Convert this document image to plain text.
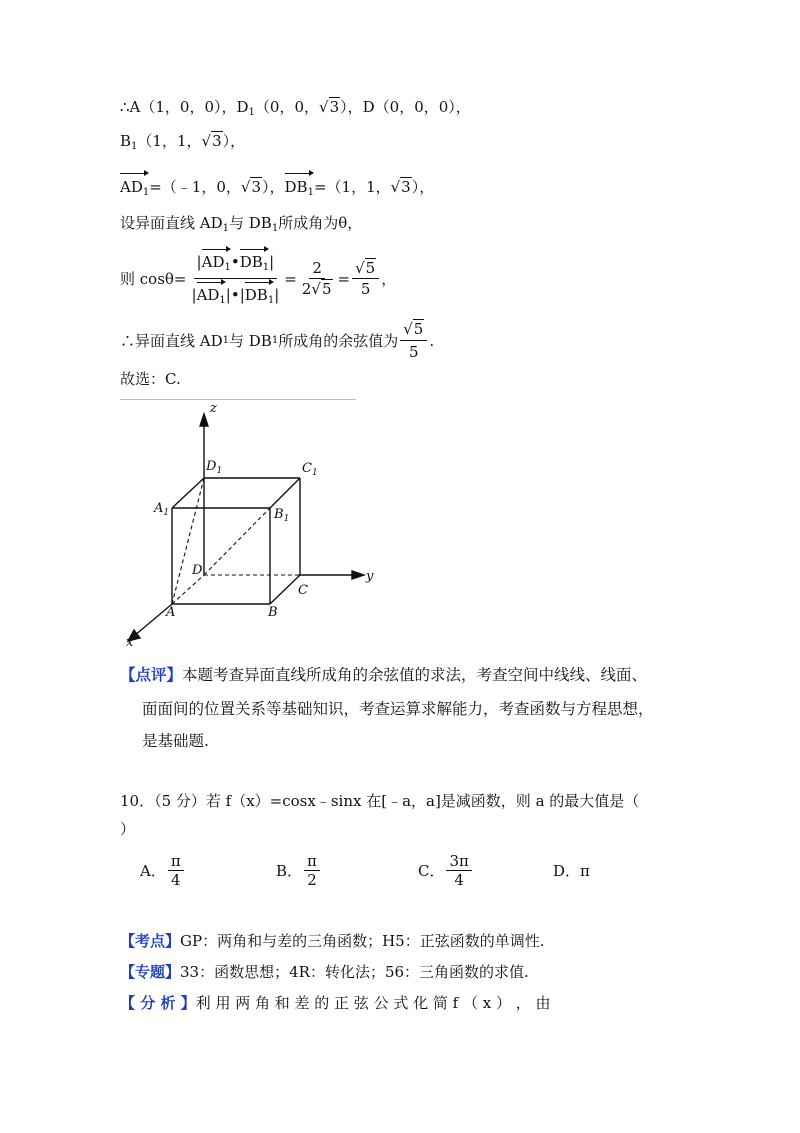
∴A（1，0，0），$D_1(0$，0，√3），D（0，0，0），
$B_1(1$，1，√3），
$AD_1=(﹣1$，0，√3），$DB_1=(1$，1，√3），
设异面直线 $AD_1$与 $DB_1$所成角为θ，
则 $\cos\theta= \frac{|AD_1•DB_1|}{|AD_1|•|DB_1|} = \frac{2}{2√5} = \frac{√5}{5}$ ，
∴异面直线 AD 1 与 DB 1 所成角的余弦值为 $\frac{√5}{5}$ .
故选：C.
z
$D_1$	$C_1$
$A_1$	$B_1$
D
C
y
A	B
x
【点评】本题考查异面直线所成角的余弦值的求法，考查空间中线线、线面、
面面间的位置关系等基础知识，考查运算求解能力，考查函数与方程思想，
是基础题.
10．（5 分）若 f（x）=cosx﹣sinx 在[﹣a，a]是减函数，则 a 的最大值是（
）
A． $\frac{\pi}{4}$	B． $\frac{\pi}{2}$	C． $\frac{3\pi}{4}$	D．π
【考点】GP：两角和与差的三角函数；H5：正弦函数的单调性.
【专题】33：函数思想；4R：转化法；56：三角函数的求值.
【 分 析 】利 用 两 角 和 差 的 正 弦 公 式 化 简 f （ x ） ， 由
